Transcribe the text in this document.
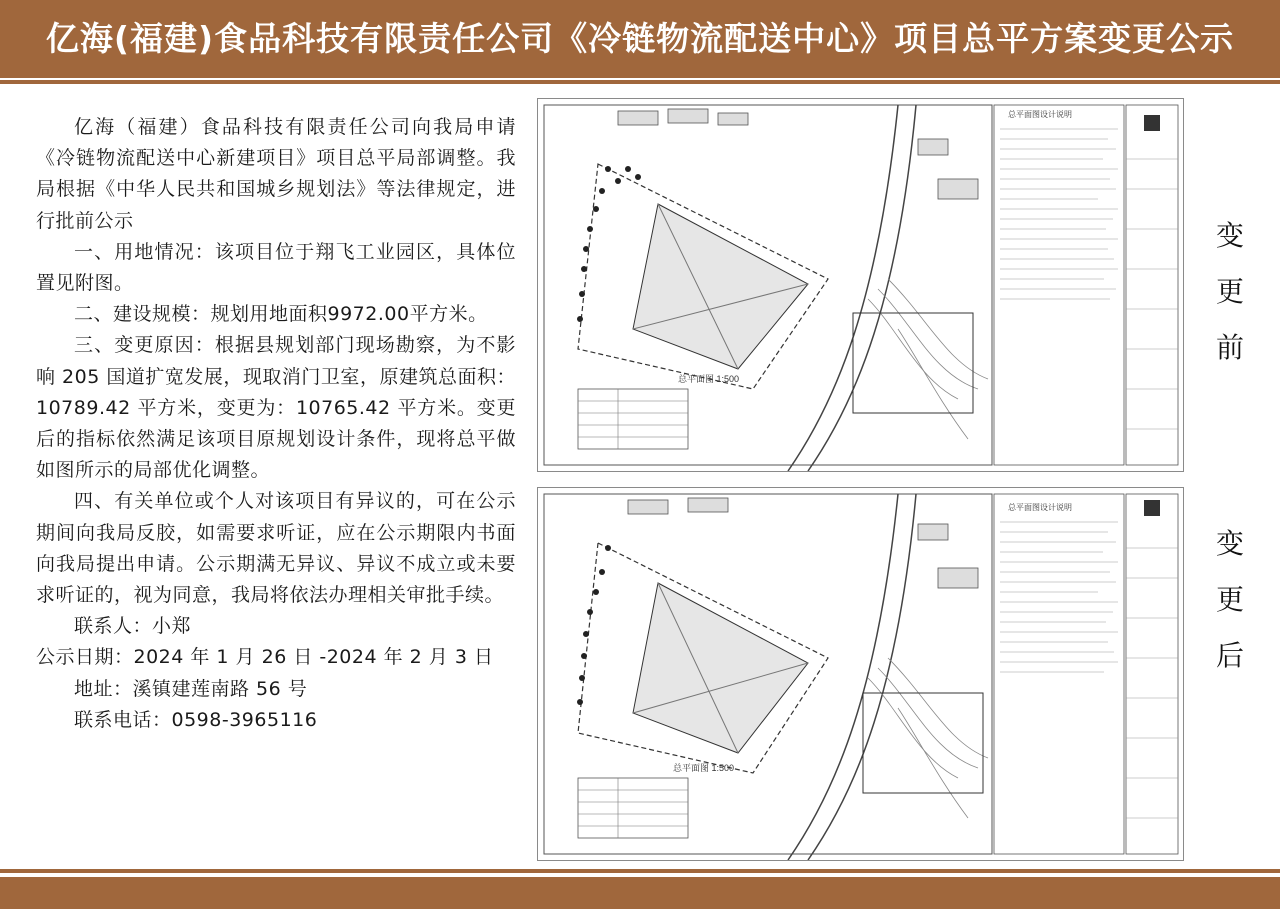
亿海(福建)食品科技有限责任公司《冷链物流配送中心》项目总平方案变更公示

亿海（福建）食品科技有限责任公司向我局申请《冷链物流配送中心新建项目》项目总平局部调整。我局根据《中华人民共和国城乡规划法》等法律规定，进行批前公示

一、用地情况：该项目位于翔飞工业园区，具体位置见附图。

二、建设规模：规划用地面积9972.00平方米。

三、变更原因：根据县规划部门现场勘察，为不影响 205 国道扩宽发展，现取消门卫室，原建筑总面积：10789.42 平方米，变更为：10765.42 平方米。变更后的指标依然满足该项目原规划设计条件，现将总平做如图所示的局部优化调整。

四、有关单位或个人对该项目有异议的，可在公示期间向我局反胶，如需要求听证，应在公示期限内书面向我局提出申请。公示期满无异议、异议不成立或未要求听证的，视为同意，我局将依法办理相关审批手续。

联系人：小郑

公示日期：2024 年 1 月 26 日 -2024 年 2 月 3 日

地址：溪镇建莲南路 56 号

联系电话：0598-3965116

总平面图 1:500
总平面图设计说明
总平面图 1:500
总平面图设计说明
变
更
前
变
更
后
